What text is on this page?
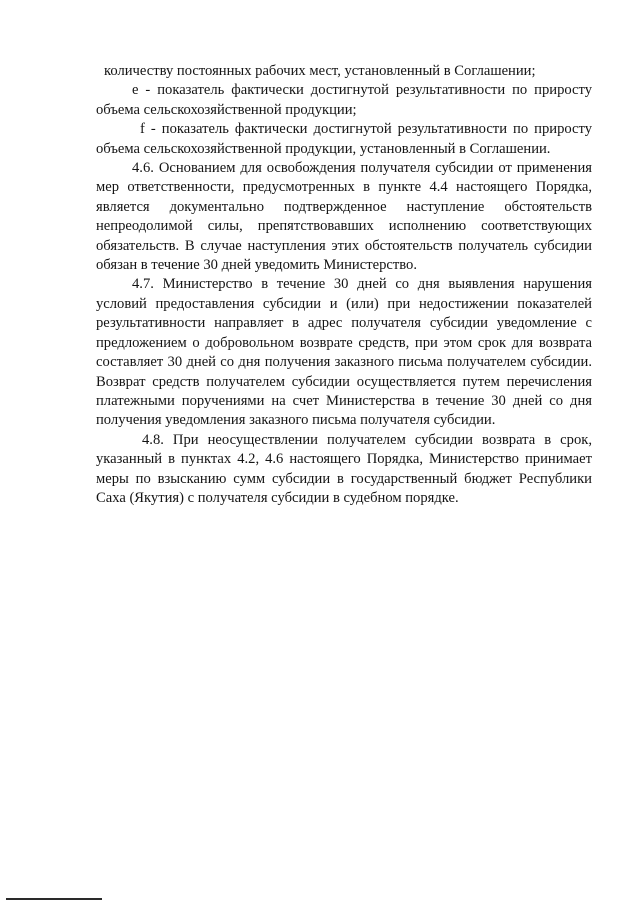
количеству постоянных рабочих мест, установленный в Соглашении;

e - показатель фактически достигнутой результативности по приросту объема сельскохозяйственной продукции;

f - показатель фактически достигнутой результативности по приросту объема сельскохозяйственной продукции, установленный в Соглашении.

4.6. Основанием для освобождения получателя субсидии от применения мер ответственности, предусмотренных в пункте 4.4 настоящего Порядка, является документально подтвержденное наступление обстоятельств непреодолимой силы, препятствовавших исполнению соответствующих обязательств. В случае наступления этих обстоятельств получатель субсидии обязан в течение 30 дней уведомить Министерство.

4.7. Министерство в течение 30 дней со дня выявления нарушения условий предоставления субсидии и (или) при недостижении показателей результативности направляет в адрес получателя субсидии уведомление с предложением о добровольном возврате средств, при этом срок для возврата составляет 30 дней со дня получения заказного письма получателем субсидии. Возврат средств получателем субсидии осуществляется путем перечисления платежными поручениями на счет Министерства в течение 30 дней со дня получения уведомления заказного письма получателя субсидии.

4.8. При неосуществлении получателем субсидии возврата в срок, указанный в пунктах 4.2, 4.6 настоящего Порядка, Министерство принимает меры по взысканию сумм субсидии в государственный бюджет Республики Саха (Якутия) с получателя субсидии в судебном порядке.
